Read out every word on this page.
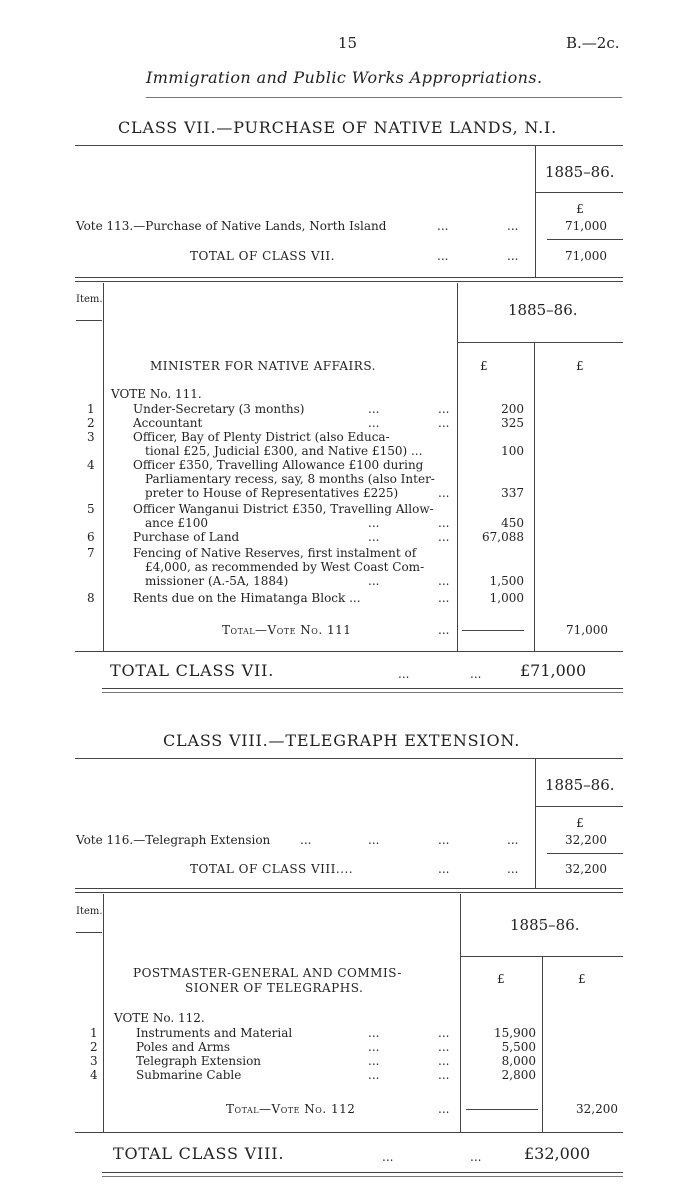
15	B.—2c.
Immigration and Public Works Appropriations.
CLASS VII.—PURCHASE OF NATIVE LANDS, N.I.
1885–86.
£
Vote 113.—Purchase of Native Lands, North Island	...	...	71,000
TOTAL OF CLASS VII.	...	...	71,000
Item.
1885–86.
MINISTER FOR NATIVE AFFAIRS.	£	£
VOTE No. 111.
1	Under-Secretary (3 months)	...	...	200
2	Accountant	...	...	325
3	Officer, Bay of Plenty District (also Educa-
tional £25, Judicial £300, and Native £150) ...	100
4	Officer £350, Travelling Allowance £100 during
Parliamentary recess, say, 8 months (also Inter-
preter to House of Representatives £225)	...	337
5	Officer Wanganui District £350, Travelling Allow-
ance £100	...	...	450
6	Purchase of Land	...	...	67,088
7	Fencing of Native Reserves, first instalment of
£4,000, as recommended by West Coast Com-
missioner (A.-5A, 1884)	...	...	1,500
8	Rents due on the Himatanga Block ...	...	1,000
Total—Vote No. 111	...	71,000
TOTAL CLASS VII.	...	... £71,000
CLASS VIII.—TELEGRAPH EXTENSION.
1885–86.
£
Vote 116.—Telegraph Extension ...	...	...	...	32,200
TOTAL OF CLASS VIII....	...	...	32,200
Item.
1885–86.
POSTMASTER-GENERAL AND COMMIS-
SIONER OF TELEGRAPHS.
£	£
VOTE No. 112.
1	Instruments and Material	...	...	15,900
2	Poles and Arms	...	...	5,500
3	Telegraph Extension	...	...	8,000
4	Submarine Cable	...	...	2,800
Total—Vote No. 112	...	32,200
TOTAL CLASS VIII.	...	...	£32,000
